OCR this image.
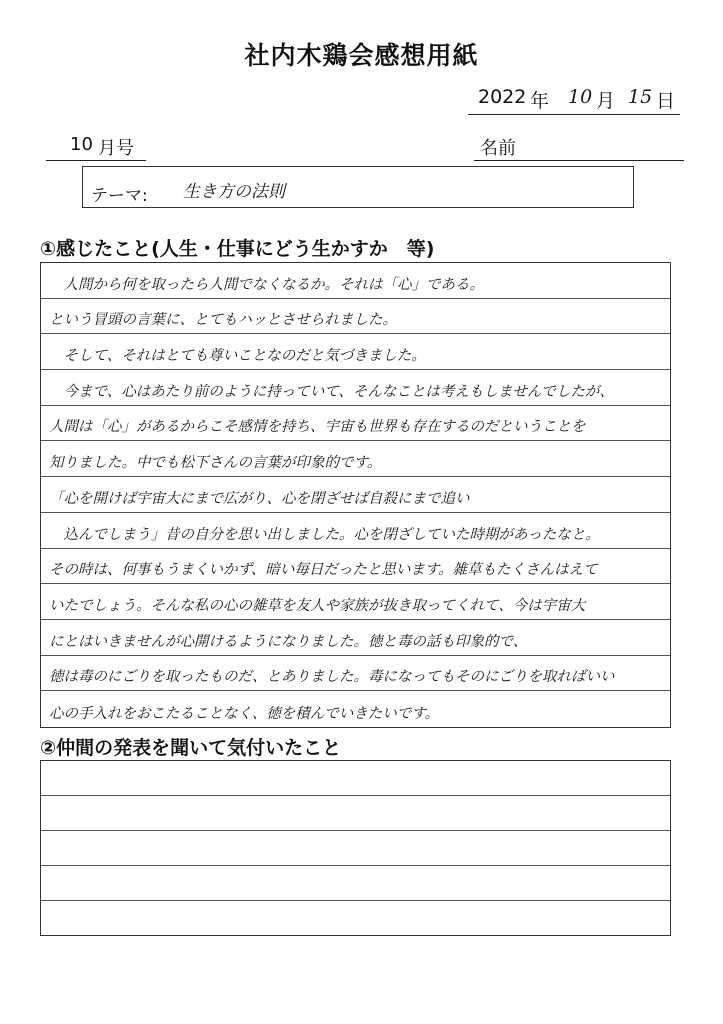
社内木鶏会感想用紙
2022 年 10 月 15 日
10 月号	名前
テーマ: 生き方の法則
①感じたこと(人生・仕事にどう生かすか　等)
　人間から何を取ったら人間でなくなるか。それは「心」である。
という冒頭の言葉に、とてもハッとさせられました。
　そして、それはとても尊いことなのだと気づきました。
　今まで、心はあたり前のように持っていて、そんなことは考えもしませんでしたが、
人間は「心」があるからこそ感情を持ち、宇宙も世界も存在するのだということを
知りました。中でも松下さんの言葉が印象的です。
「心を開けば宇宙大にまで広がり、心を閉ざせば自殺にまで追い
　込んでしまう」昔の自分を思い出しました。心を閉ざしていた時期があったなと。
その時は、何事もうまくいかず、暗い毎日だったと思います。雑草もたくさんはえて
いたでしょう。そんな私の心の雑草を友人や家族が抜き取ってくれて、今は宇宙大
にとはいきませんが心開けるようになりました。徳と毒の話も印象的で、
徳は毒のにごりを取ったものだ、とありました。毒になってもそのにごりを取ればいい
心の手入れをおこたることなく、徳を積んでいきたいです。
②仲間の発表を聞いて気付いたこと
